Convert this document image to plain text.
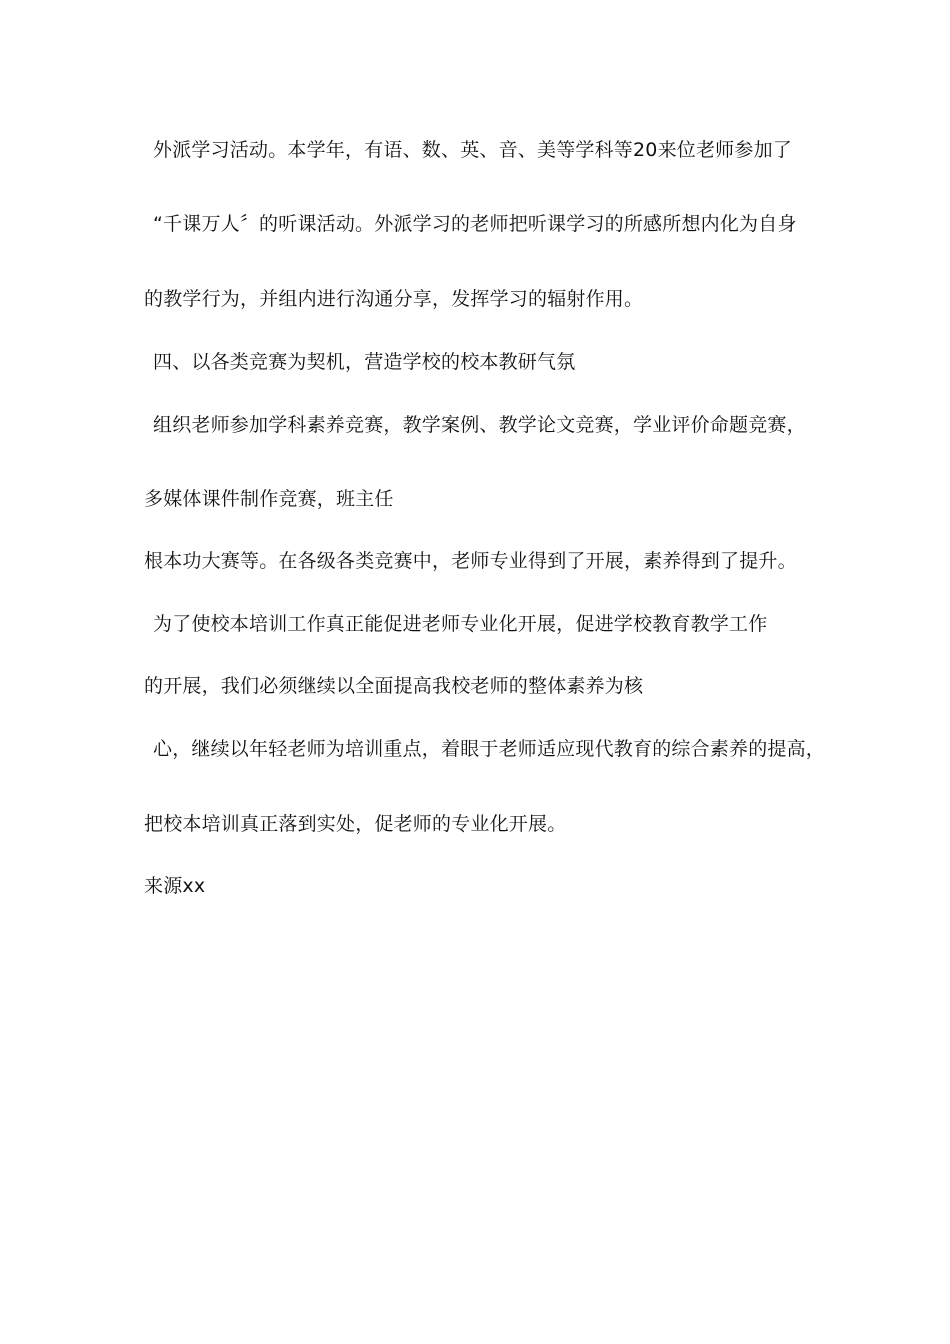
外派学习活动。本学年，有语、数、英、音、美等学科等20来位老师参加了
“千课万人〞的听课活动。外派学习的老师把听课学习的所感所想内化为自身
的教学行为，并组内进行沟通分享，发挥学习的辐射作用。
四、以各类竞赛为契机，营造学校的校本教研气氛
组织老师参加学科素养竞赛，教学案例、教学论文竞赛，学业评价命题竞赛，
多媒体课件制作竞赛，班主任
根本功大赛等。在各级各类竞赛中，老师专业得到了开展，素养得到了提升。
为了使校本培训工作真正能促进老师专业化开展，促进学校教育教学工作
的开展，我们必须继续以全面提高我校老师的整体素养为核
心，继续以年轻老师为培训重点，着眼于老师适应现代教育的综合素养的提高，
把校本培训真正落到实处，促老师的专业化开展。
来源xx
